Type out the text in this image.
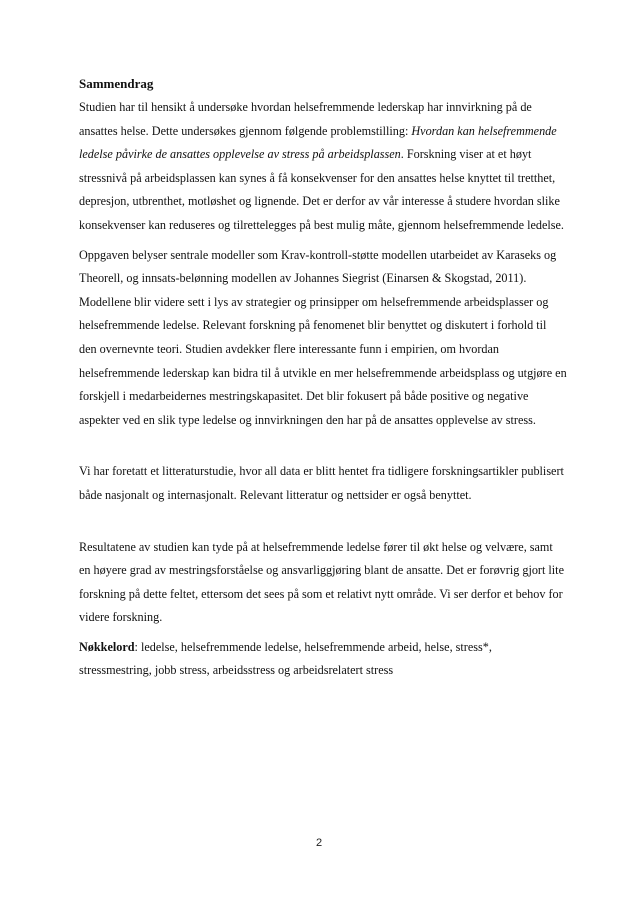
Sammendrag

Studien har til hensikt å undersøke hvordan helsefremmende lederskap har innvirkning på de ansattes helse. Dette undersøkes gjennom følgende problemstilling: Hvordan kan helsefremmende ledelse påvirke de ansattes opplevelse av stress på arbeidsplassen. Forskning viser at et høyt stressnivå på arbeidsplassen kan synes å få konsekvenser for den ansattes helse knyttet til tretthet, depresjon, utbrenthet, motløshet og lignende. Det er derfor av vår interesse å studere hvordan slike konsekvenser kan reduseres og tilrettelegges på best mulig måte, gjennom helsefremmende ledelse.

Oppgaven belyser sentrale modeller som Krav-kontroll-støtte modellen utarbeidet av Karaseks og Theorell, og innsats-belønning modellen av Johannes Siegrist (Einarsen & Skogstad, 2011). Modellene blir videre sett i lys av strategier og prinsipper om helsefremmende arbeidsplasser og helsefremmende ledelse. Relevant forskning på fenomenet blir benyttet og diskutert i forhold til den overnevnte teori. Studien avdekker flere interessante funn i empirien, om hvordan helsefremmende lederskap kan bidra til å utvikle en mer helsefremmende arbeidsplass og utgjøre en forskjell i medarbeidernes mestringskapasitet. Det blir fokusert på både positive og negative aspekter ved en slik type ledelse og innvirkningen den har på de ansattes opplevelse av stress.

Vi har foretatt et litteraturstudie, hvor all data er blitt hentet fra tidligere forskningsartikler publisert både nasjonalt og internasjonalt. Relevant litteratur og nettsider er også benyttet.

Resultatene av studien kan tyde på at helsefremmende ledelse fører til økt helse og velvære, samt en høyere grad av mestringsforståelse og ansvarliggjøring blant de ansatte. Det er forøvrig gjort lite forskning på dette feltet, ettersom det sees på som et relativt nytt område. Vi ser derfor et behov for videre forskning.

Nøkkelord: ledelse, helsefremmende ledelse, helsefremmende arbeid, helse, stress*, stressmestring, jobb stress, arbeidsstress og arbeidsrelatert stress

2
